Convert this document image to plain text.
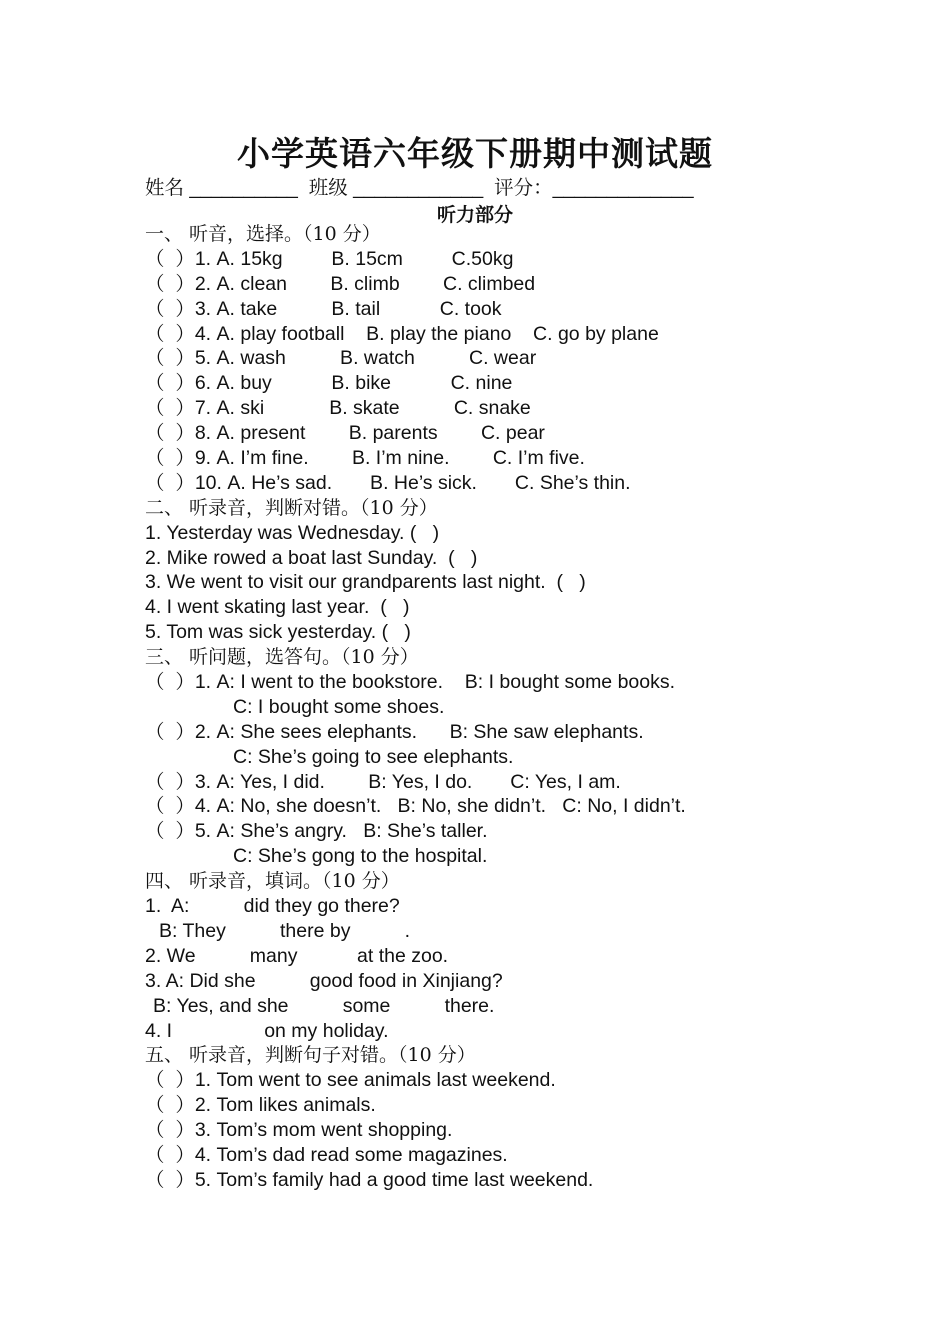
小学英语六年级下册期中测试题
姓名 __________  班级 ____________  评分：_____________
听力部分
一、 听音，选择。（10 分）
（  ）1. A. 15kg         B. 15cm         C.50kg
（  ）2. A. clean        B. climb        C. climbed
（  ）3. A. take          B. tail           C. took
（  ）4. A. play football    B. play the piano    C. go by plane
（  ）5. A. wash          B. watch          C. wear
（  ）6. A. buy           B. bike           C. nine
（  ）7. A. ski            B. skate          C. snake
（  ）8. A. present        B. parents        C. pear
（  ）9. A. I’m fine.        B. I’m nine.        C. I’m five.
（  ）10. A. He’s sad.       B. He’s sick.       C. She’s thin.
二、 听录音，判断对错。（10 分）
1. Yesterday was Wednesday. (   )
2. Mike rowed a boat last Sunday.  (   )
3. We went to visit our grandparents last night.  (   )
4. I went skating last year.  (   )
5. Tom was sick yesterday. (   )
三、 听问题，选答句。（10 分）
（  ）1. A: I went to the bookstore.    B: I bought some books.
C: I bought some shoes.
（  ）2. A: She sees elephants.      B: She saw elephants.
C: She’s going to see elephants.
（  ）3. A: Yes, I did.        B: Yes, I do.       C: Yes, I am.
（  ）4. A: No, she doesn’t.   B: No, she didn’t.   C: No, I didn’t.
（  ）5. A: She’s angry.   B: She’s taller.
C: She’s gong to the hospital.
四、 听录音，填词。（10 分）
1.  A:          did they go there?
B: They          there by          .
2. We          many           at the zoo.
3. A: Did she          good food in Xinjiang?
B: Yes, and she          some          there.
4. I                 on my holiday.
五、 听录音，判断句子对错。（10 分）
（  ）1. Tom went to see animals last weekend.
（  ）2. Tom likes animals.
（  ）3. Tom’s mom went shopping.
（  ）4. Tom’s dad read some magazines.
（  ）5. Tom’s family had a good time last weekend.
